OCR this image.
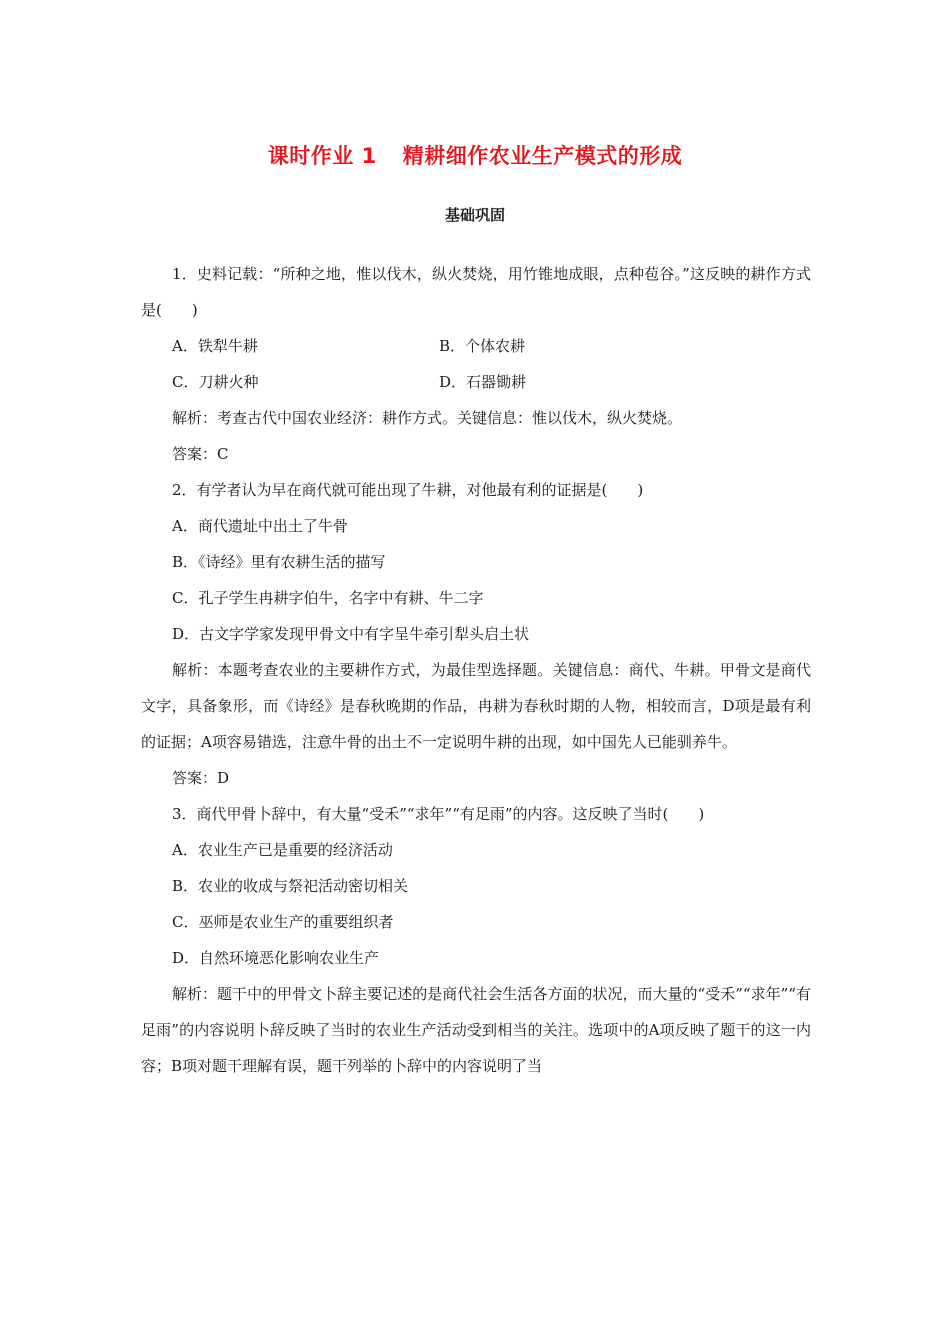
课时作业 1 精耕细作农业生产模式的形成
基础巩固

1．史料记载：“所种之地，惟以伐木，纵火焚烧，用竹锥地成眼，点种苞谷。”这反映的耕作方式是(　　)

A．铁犁牛耕	B．个体农耕
C．刀耕火种	D．石器锄耕

解析：考查古代中国农业经济：耕作方式。关键信息：惟以伐木，纵火焚烧。

答案：C

2．有学者认为早在商代就可能出现了牛耕，对他最有利的证据是(　　)

A．商代遗址中出土了牛骨

B．《诗经》里有农耕生活的描写

C．孔子学生冉耕字伯牛，名字中有耕、牛二字

D．古文字学家发现甲骨文中有字呈牛牵引犁头启土状

解析：本题考查农业的主要耕作方式，为最佳型选择题。关键信息：商代、牛耕。甲骨文是商代文字，具备象形，而《诗经》是春秋晚期的作品，冉耕为春秋时期的人物，相较而言，D项是最有利的证据；A项容易错选，注意牛骨的出土不一定说明牛耕的出现，如中国先人已能驯养牛。

答案：D

3．商代甲骨卜辞中，有大量“受禾”“求年”“有足雨”的内容。这反映了当时(　　)

A．农业生产已是重要的经济活动

B．农业的收成与祭祀活动密切相关

C．巫师是农业生产的重要组织者

D．自然环境恶化影响农业生产

解析：题干中的甲骨文卜辞主要记述的是商代社会生活各方面的状况，而大量的“受禾”“求年”“有足雨”的内容说明卜辞反映了当时的农业生产活动受到相当的关注。选项中的A项反映了题干的这一内容；B项对题干理解有误，题干列举的卜辞中的内容说明了当
